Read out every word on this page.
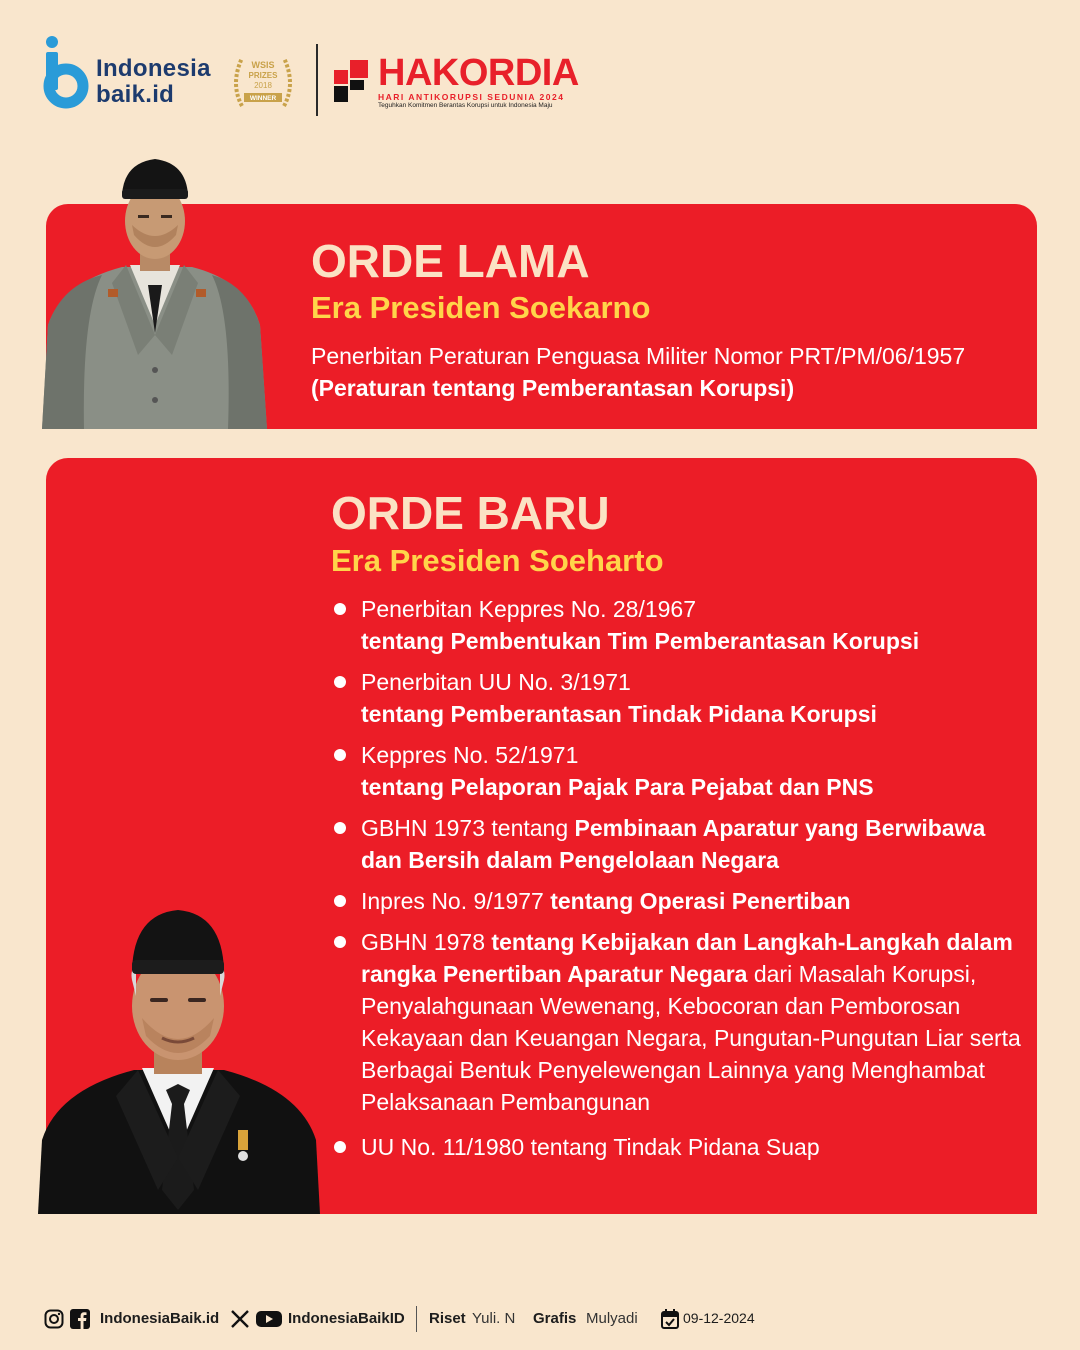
Indonesia
baik.id
WSIS
PRIZES
2018
WINNER
HAKORDIA
HARI ANTIKORUPSI SEDUNIA 2024
Teguhkan Komitmen Berantas Korupsi untuk Indonesia Maju
ORDE LAMA
Era Presiden Soekarno
Penerbitan Peraturan Penguasa Militer Nomor PRT/PM/06/1957 (Peraturan tentang Pemberantasan Korupsi)
ORDE BARU
Era Presiden Soeharto
Penerbitan Keppres No. 28/1967
tentang Pembentukan Tim Pemberantasan Korupsi
Penerbitan UU No. 3/1971
tentang Pemberantasan Tindak Pidana Korupsi
Keppres No. 52/1971
tentang Pelaporan Pajak Para Pejabat dan PNS
GBHN 1973 tentang Pembinaan Aparatur yang Berwibawa dan Bersih dalam Pengelolaan Negara
Inpres No. 9/1977 tentang Operasi Penertiban
GBHN 1978 tentang Kebijakan dan Langkah-Langkah dalam rangka Penertiban Aparatur Negara dari Masalah Korupsi, Penyalahgunaan Wewenang, Kebocoran dan Pemborosan Kekayaan dan Keuangan Negara, Pungutan-Pungutan Liar serta Berbagai Bentuk Penyelewengan Lainnya yang Menghambat Pelaksanaan Pembangunan
UU No. 11/1980 tentang Tindak Pidana Suap
IndonesiaBaik.id	IndonesiaBaikID Riset Yuli. N Grafis Mulyadi	09-12-2024
